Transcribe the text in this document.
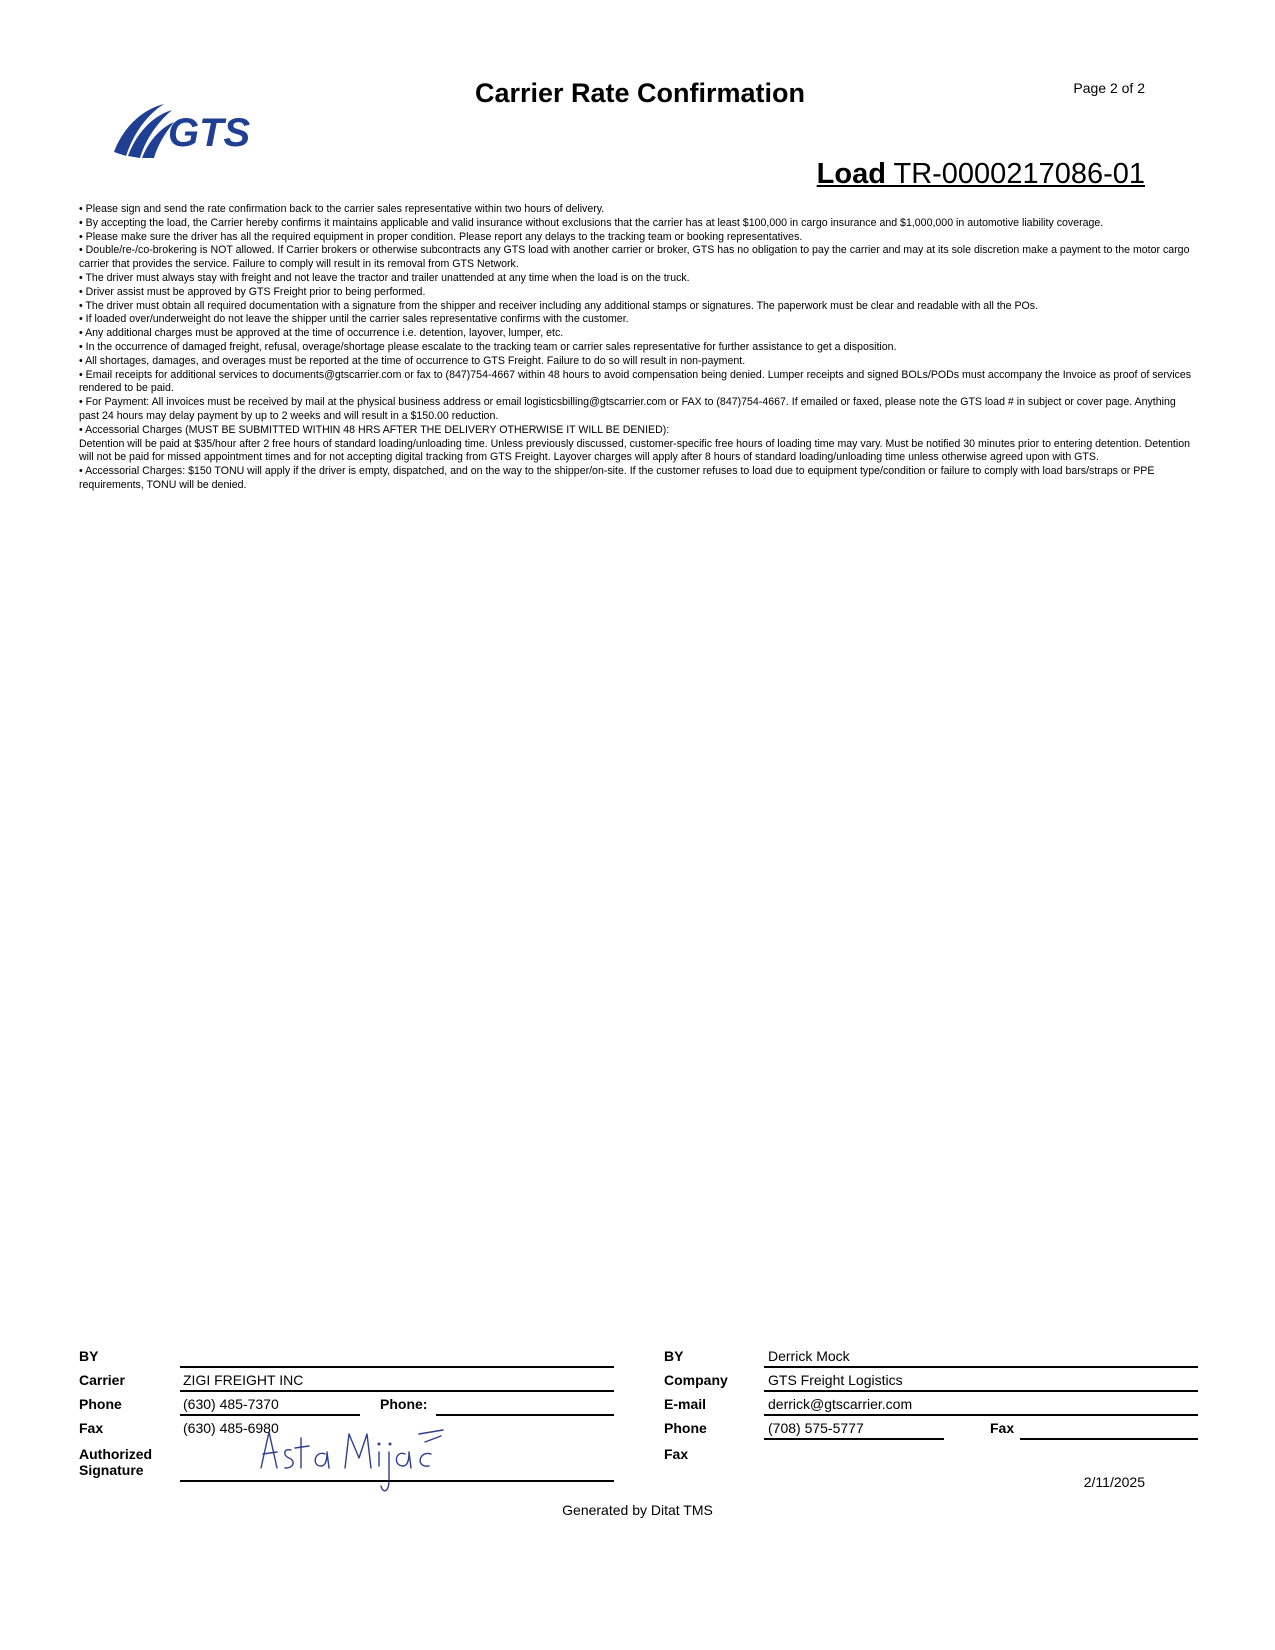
Carrier Rate Confirmation	Page 2 of 2
GTS
Load TR-0000217086-01
• Please sign and send the rate confirmation back to the carrier sales representative within two hours of delivery.
• By accepting the load, the Carrier hereby confirms it maintains applicable and valid insurance without exclusions that the carrier has at least $100,000 in cargo insurance and $1,000,000 in automotive liability coverage.
• Please make sure the driver has all the required equipment in proper condition. Please report any delays to the tracking team or booking representatives.
• Double/re-/co-brokering is NOT allowed. If Carrier brokers or otherwise subcontracts any GTS load with another carrier or broker, GTS has no obligation to pay the carrier and may at its sole discretion make a payment to the motor cargo carrier that provides the service. Failure to comply will result in its removal from GTS Network.
• The driver must always stay with freight and not leave the tractor and trailer unattended at any time when the load is on the truck.
• Driver assist must be approved by GTS Freight prior to being performed.
• The driver must obtain all required documentation with a signature from the shipper and receiver including any additional stamps or signatures. The paperwork must be clear and readable with all the POs.
• If loaded over/underweight do not leave the shipper until the carrier sales representative confirms with the customer.
• Any additional charges must be approved at the time of occurrence i.e. detention, layover, lumper, etc.
• In the occurrence of damaged freight, refusal, overage/shortage please escalate to the tracking team or carrier sales representative for further assistance to get a disposition.
• All shortages, damages, and overages must be reported at the time of occurrence to GTS Freight. Failure to do so will result in non-payment.
• Email receipts for additional services to documents@gtscarrier.com or fax to (847)754-4667 within 48 hours to avoid compensation being denied. Lumper receipts and signed BOLs/PODs must accompany the Invoice as proof of services rendered to be paid.
• For Payment: All invoices must be received by mail at the physical business address or email logisticsbilling@gtscarrier.com or FAX to (847)754-4667. If emailed or faxed, please note the GTS load # in subject or cover page. Anything past 24 hours may delay payment by up to 2 weeks and will result in a $150.00 reduction.
• Accessorial Charges (MUST BE SUBMITTED WITHIN 48 HRS AFTER THE DELIVERY OTHERWISE IT WILL BE DENIED):
Detention will be paid at $35/hour after 2 free hours of standard loading/unloading time. Unless previously discussed, customer-specific free hours of loading time may vary. Must be notified 30 minutes prior to entering detention. Detention will not be paid for missed appointment times and for not accepting digital tracking from GTS Freight. Layover charges will apply after 8 hours of standard loading/unloading time unless otherwise agreed upon with GTS.
• Accessorial Charges: $150 TONU will apply if the driver is empty, dispatched, and on the way to the shipper/on-site. If the customer refuses to load due to equipment type/condition or failure to comply with load bars/straps or PPE requirements, TONU will be denied.
BY
Carrier	ZIGI FREIGHT INC
Phone	(630) 485-7370	Phone:
Fax	(630) 485-6980
Authorized
Signature
BY	Derrick Mock
Company	GTS Freight Logistics
E-mail	derrick@gtscarrier.com
Phone	(708) 575-5777	Fax
Fax
2/11/2025
Generated by Ditat TMS
